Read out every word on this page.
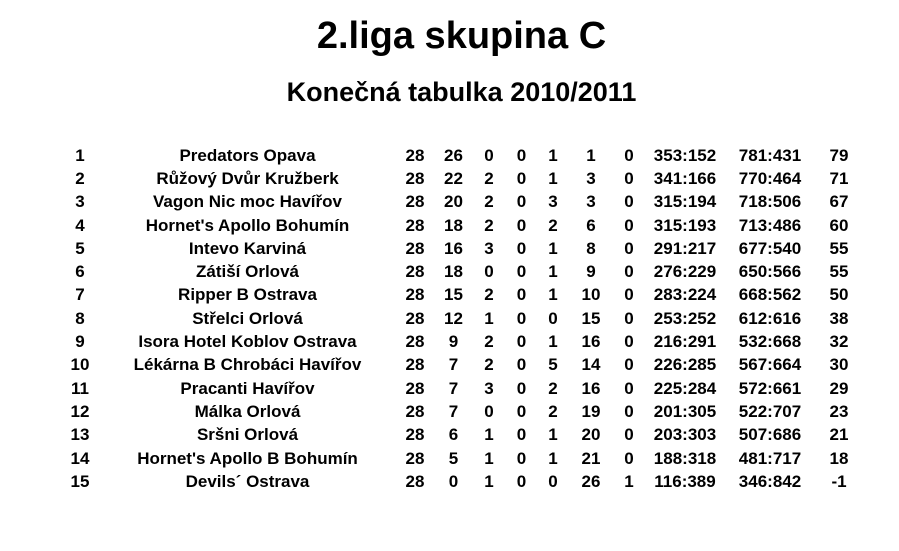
2.liga skupina C
Konečná tabulka 2010/2011
1	Predators Opava	28	26	0	0	1	1	0	353:152	781:431	79
2	Růžový Dvůr Kružberk	28	22	2	0	1	3	0	341:166	770:464	71
3	Vagon Nic moc Havířov	28	20	2	0	3	3	0	315:194	718:506	67
4	Hornet's Apollo Bohumín	28	18	2	0	2	6	0	315:193	713:486	60
5	Intevo Karviná	28	16	3	0	1	8	0	291:217	677:540	55
6	Zátiší Orlová	28	18	0	0	1	9	0	276:229	650:566	55
7	Ripper B Ostrava	28	15	2	0	1	10	0	283:224	668:562	50
8	Střelci Orlová	28	12	1	0	0	15	0	253:252	612:616	38
9	Isora Hotel Koblov Ostrava	28	9	2	0	1	16	0	216:291	532:668	32
10	Lékárna B Chrobáci Havířov	28	7	2	0	5	14	0	226:285	567:664	30
11	Pracanti Havířov	28	7	3	0	2	16	0	225:284	572:661	29
12	Málka Orlová	28	7	0	0	2	19	0	201:305	522:707	23
13	Sršni Orlová	28	6	1	0	1	20	0	203:303	507:686	21
14	Hornet's Apollo B Bohumín	28	5	1	0	1	21	0	188:318	481:717	18
15	Devils´ Ostrava	28	0	1	0	0	26	1	116:389	346:842	-1
